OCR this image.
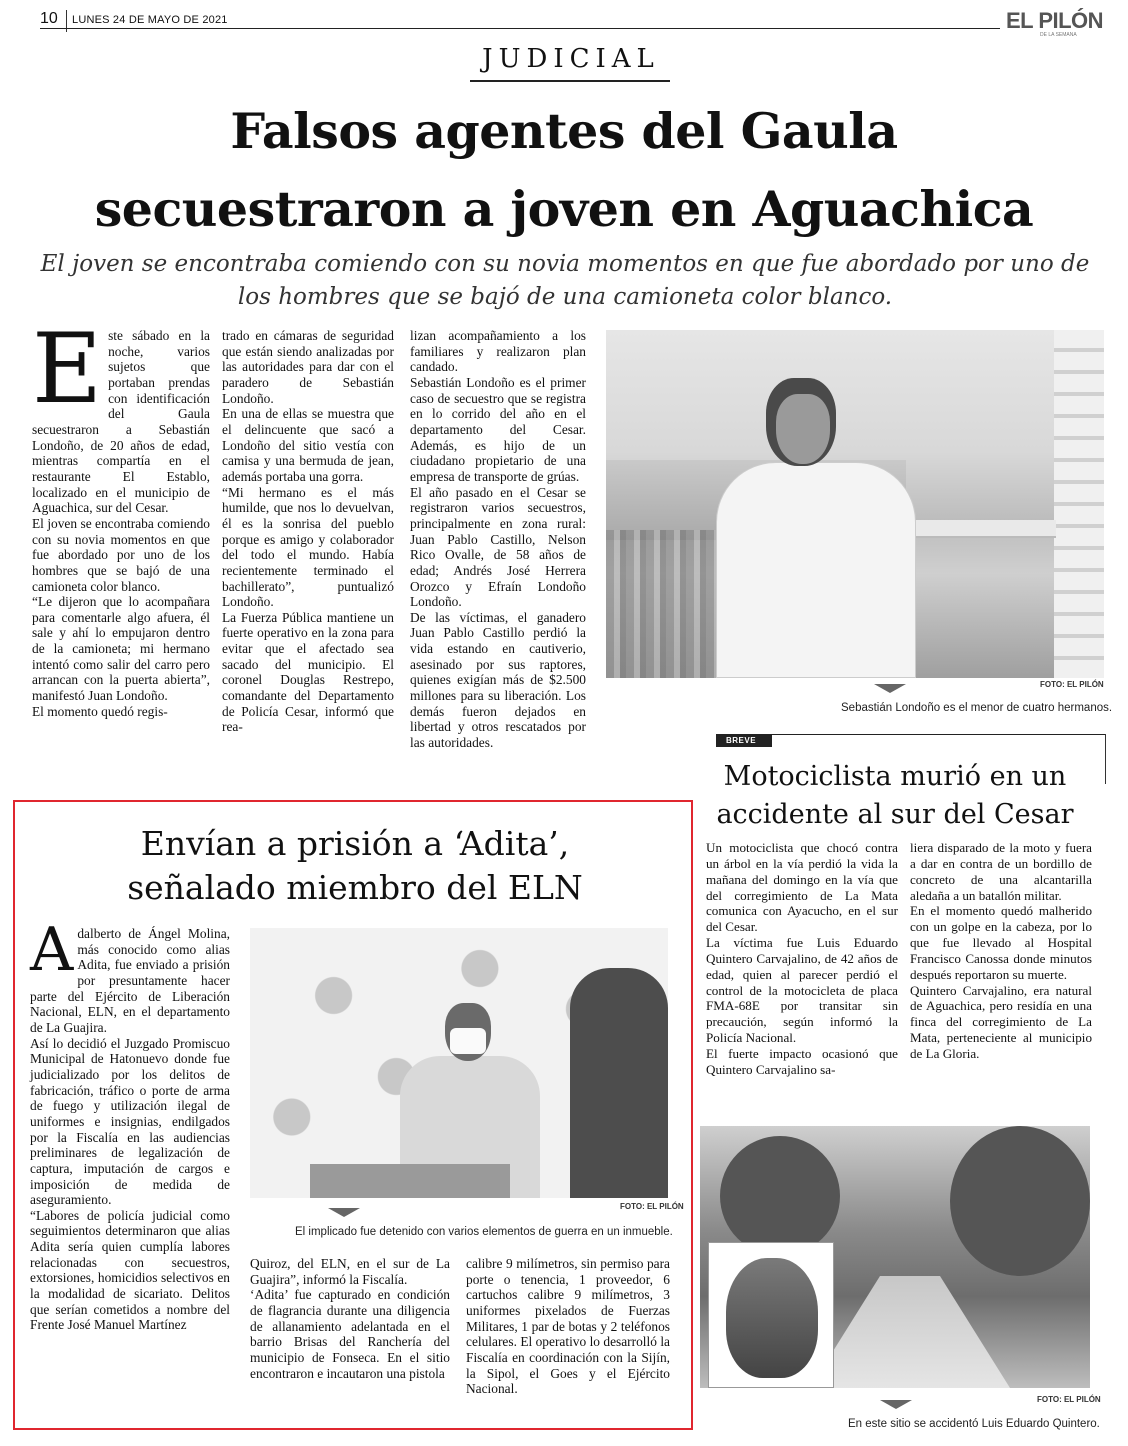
10 LUNES 24 DE MAYO DE 2021	EL PILÓN
DE LA SEMANA
JUDICIAL
Falsos agentes del Gaula
secuestraron a joven en Aguachica
El joven se encontraba comiendo con su novia momentos en que fue abordado por uno de los hombres que se bajó de una camioneta color blanco.

Este sábado en la noche, varios sujetos que portaban prendas con identificación del Gaula secuestraron a Sebastián Londoño, de 20 años de edad, mientras compartía en el restaurante El Establo, localizado en el municipio de Aguachica, sur del Cesar.

El joven se encontraba comiendo con su novia momentos en que fue abordado por uno de los hombres que se bajó de una camioneta color blanco.

“Le dijeron que lo acompañara para comentarle algo afuera, él sale y ahí lo empujaron dentro de la camioneta; mi hermano intentó como salir del carro pero arrancan con la puerta abierta”, manifestó Juan Londoño.

El momento quedó regis-

trado en cámaras de seguridad que están siendo analizadas por las autoridades para dar con el paradero de Sebastián Londoño.

En una de ellas se muestra que el delincuente que sacó a Londoño del sitio vestía con camisa y una bermuda de jean, además portaba una gorra.

“Mi hermano es el más humilde, que nos lo devuelvan, él es la sonrisa del pueblo porque es amigo y colaborador del todo el mundo. Había recientemente terminado el bachillerato”, puntualizó Londoño.

La Fuerza Pública mantiene un fuerte operativo en la zona para evitar que el afectado sea sacado del municipio. El coronel Douglas Restrepo, comandante del Departamento de Policía Cesar, informó que rea-

lizan acompañamiento a los familiares y realizaron plan candado.

Sebastián Londoño es el primer caso de secuestro que se registra en lo corrido del año en el departamento del Cesar. Además, es hijo de un ciudadano propietario de una empresa de transporte de grúas.

El año pasado en el Cesar se registraron varios secuestros, principalmente en zona rural: Juan Pablo Castillo, Nelson Rico Ovalle, de 58 años de edad; Andrés José Herrera Orozco y Efraín Londoño Londoño.

De las víctimas, el ganadero Juan Pablo Castillo perdió la vida estando en cautiverio, asesinado por sus raptores, quienes exigían más de $2.500 millones para su liberación. Los demás fueron dejados en libertad y otros rescatados por las autoridades.

FOTO: EL PILÓN
Sebastián Londoño es el menor de cuatro hermanos.
BREVE
Motociclista murió en un accidente al sur del Cesar

Un motociclista que chocó contra un árbol en la vía perdió la vida la mañana del domingo en la vía que del corregimiento de La Mata comunica con Ayacucho, en el sur del Cesar.

La víctima fue Luis Eduardo Quintero Carvajalino, de 42 años de edad, quien al parecer perdió el control de la motocicleta de placa FMA-68E por transitar sin precaución, según informó la Policía Nacional.

El fuerte impacto ocasionó que Quintero Carvajalino sa-

liera disparado de la moto y fuera a dar en contra de un bordillo de concreto de una alcantarilla aledaña a un batallón militar.

En el momento quedó malherido con un golpe en la cabeza, por lo que fue llevado al Hospital Francisco Canossa donde minutos después reportaron su muerte.

Quintero Carvajalino, era natural de Aguachica, pero residía en una finca del corregimiento de La Mata, perteneciente al municipio de La Gloria.

FOTO: EL PILÓN
En este sitio se accidentó Luis Eduardo Quintero.
Envían a prisión a ‘Adita’,
señalado miembro del ELN

Adalberto de Ángel Molina, más conocido como alias Adita, fue enviado a prisión por presuntamente hacer parte del Ejército de Liberación Nacional, ELN, en el departamento de La Guajira.

Así lo decidió el Juzgado Promiscuo Municipal de Hatonuevo donde fue judicializado por los delitos de fabricación, tráfico o porte de arma de fuego y utilización ilegal de uniformes e insignias, endilgados por la Fiscalía en las audiencias preliminares de legalización de captura, imputación de cargos e imposición de medida de aseguramiento.

“Labores de policía judicial como seguimientos determinaron que alias Adita sería quien cumplía labores relacionadas con secuestros, extorsiones, homicidios selectivos en la modalidad de sicariato. Delitos que serían cometidos a nombre del Frente José Manuel Martínez

FOTO: EL PILÓN
El implicado fue detenido con varios elementos de guerra en un inmueble.

Quiroz, del ELN, en el sur de La Guajira”, informó la Fiscalía.

‘Adita’ fue capturado en condición de flagrancia durante una diligencia de allanamiento adelantada en el barrio Brisas del Ranchería del municipio de Fonseca. En el sitio encontraron e incautaron una pistola

calibre 9 milímetros, sin permiso para porte o tenencia, 1 proveedor, 6 cartuchos calibre 9 milímetros, 3 uniformes pixelados de Fuerzas Militares, 1 par de botas y 2 teléfonos celulares. El operativo lo desarrolló la Fiscalía en coordinación con la Sijín, la Sipol, el Goes y el Ejército Nacional.
